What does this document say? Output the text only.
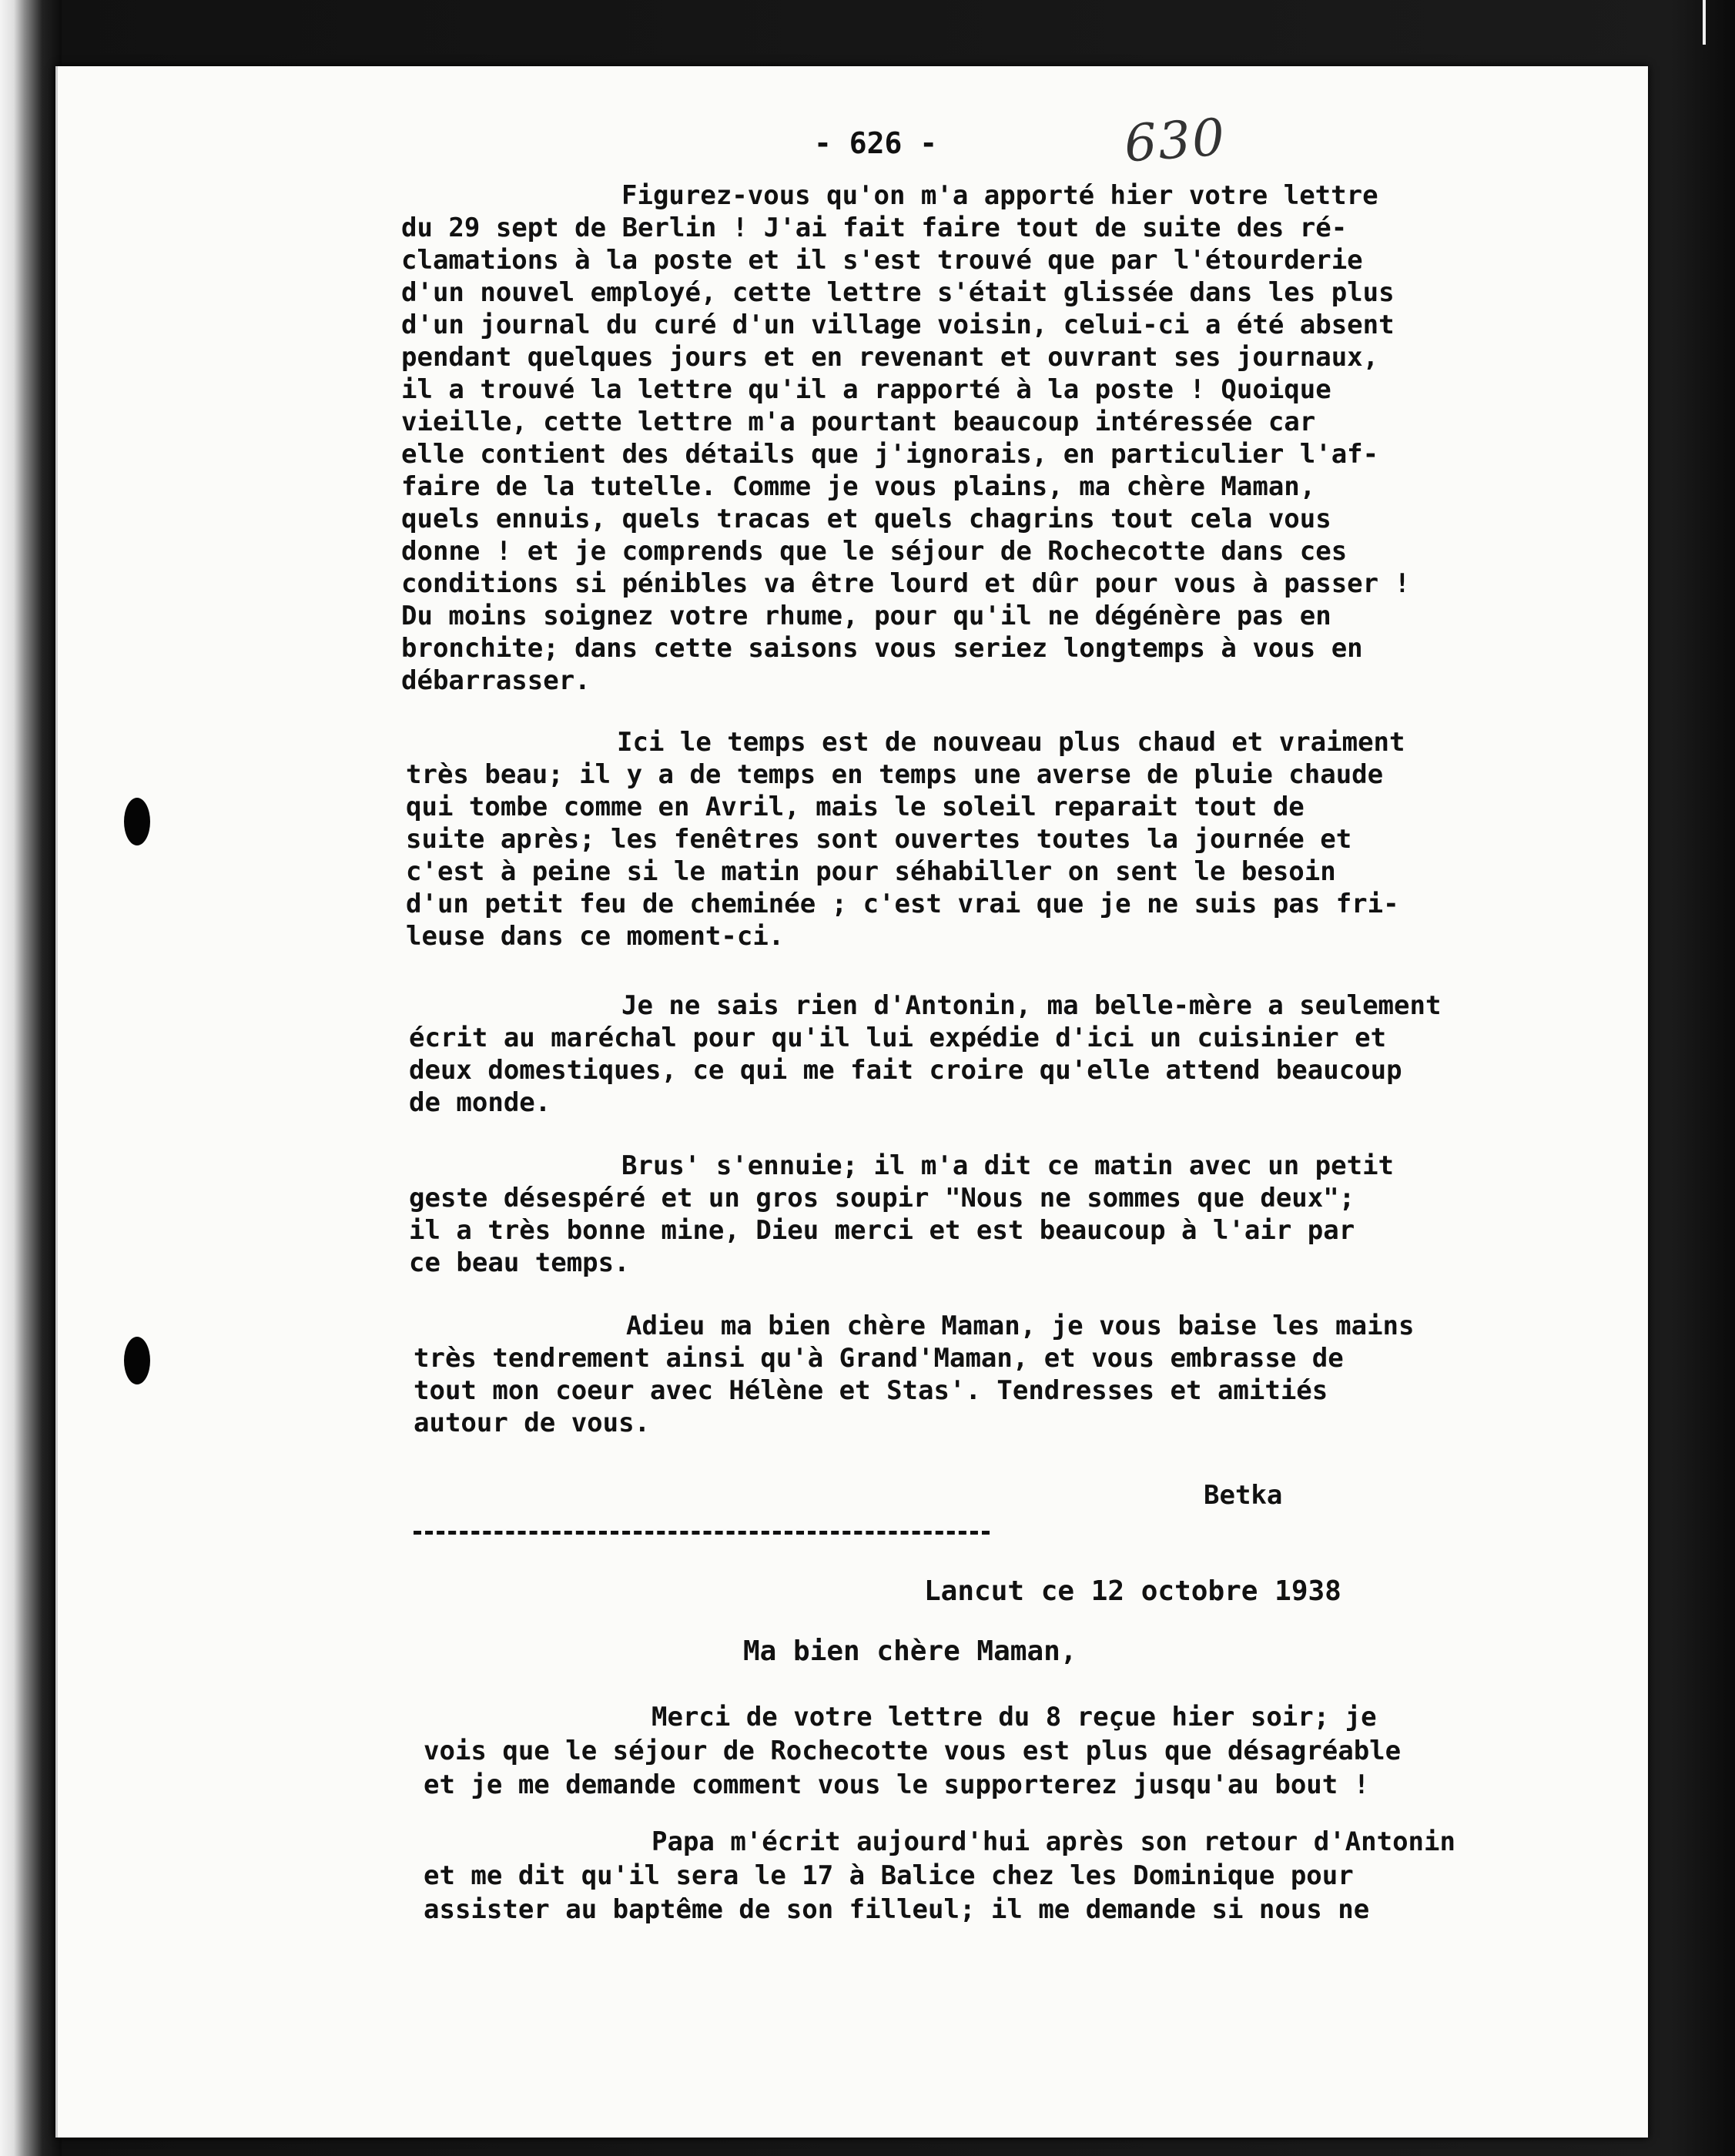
- 626 -	630
Figurez-vous qu'on m'a apporté hier votre lettre
du 29 sept de Berlin ! J'ai fait faire tout de suite des ré-
clamations à la poste et il s'est trouvé que par l'étourderie
d'un nouvel employé, cette lettre s'était glissée dans les plus
d'un journal du curé d'un village voisin, celui-ci a été absent
pendant quelques jours et en revenant et ouvrant ses journaux,
il a trouvé la lettre qu'il a rapporté à la poste ! Quoique
vieille, cette lettre m'a pourtant beaucoup intéressée car
elle contient des détails que j'ignorais, en particulier l'af-
faire de la tutelle. Comme je vous plains, ma chère Maman,
quels ennuis, quels tracas et quels chagrins tout cela vous
donne ! et je comprends que le séjour de Rochecotte dans ces
conditions si pénibles va être lourd et dûr pour vous à passer !
Du moins soignez votre rhume, pour qu'il ne dégénère pas en
bronchite; dans cette saisons vous seriez longtemps à vous en
débarrasser.
Ici le temps est de nouveau plus chaud et vraiment
très beau; il y a de temps en temps une averse de pluie chaude
qui tombe comme en Avril, mais le soleil reparait tout de
suite après; les fenêtres sont ouvertes toutes la journée et
c'est à peine si le matin pour séhabiller on sent le besoin
d'un petit feu de cheminée ; c'est vrai que je ne suis pas fri-
leuse dans ce moment-ci.
Je ne sais rien d'Antonin, ma belle-mère a seulement
écrit au maréchal pour qu'il lui expédie d'ici un cuisinier et
deux domestiques, ce qui me fait croire qu'elle attend beaucoup
de monde.
Brus' s'ennuie; il m'a dit ce matin avec un petit
geste désespéré et un gros soupir "Nous ne sommes que deux";
il a très bonne mine, Dieu merci et est beaucoup à l'air par
ce beau temps.
Adieu ma bien chère Maman, je vous baise les mains
très tendrement ainsi qu'à Grand'Maman, et vous embrasse de
tout mon coeur avec Hélène et Stas'. Tendresses et amitiés
autour de vous.
Betka
Lancut ce 12 octobre 1938
Ma bien chère Maman,
Merci de votre lettre du 8 reçue hier soir; je
vois que le séjour de Rochecotte vous est plus que désagréable
et je me demande comment vous le supporterez jusqu'au bout !
Papa m'écrit aujourd'hui après son retour d'Antonin
et me dit qu'il sera le 17 à Balice chez les Dominique pour
assister au baptême de son filleul; il me demande si nous ne
